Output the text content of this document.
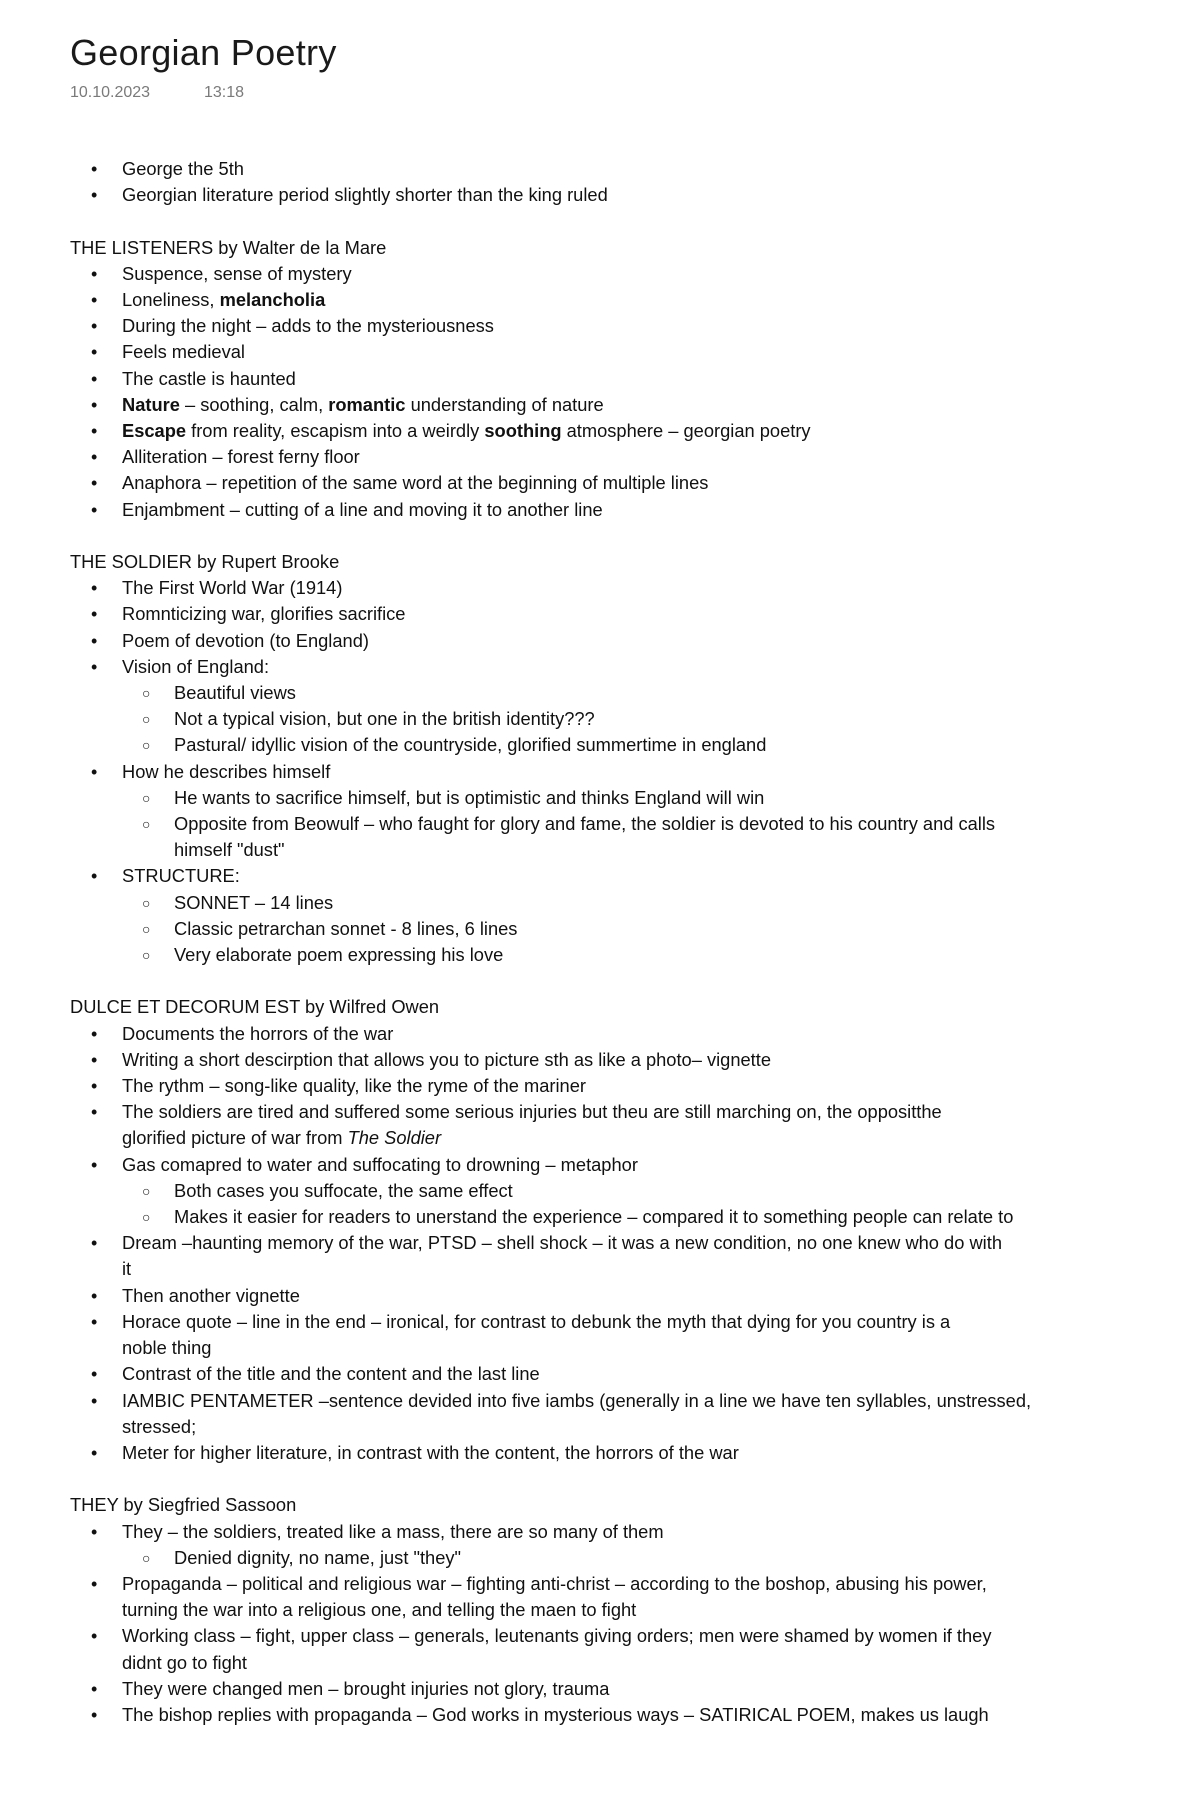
Georgian Poetry
10.10.2023	13:18
• George the 5th
• Georgian literature period slightly shorter than the king ruled
THE LISTENERS by Walter de la Mare
• Suspence, sense of mystery
• Loneliness, melancholia
• During the night – adds to the mysteriousness
• Feels medieval
• The castle is haunted
• Nature – soothing, calm, romantic understanding of nature
• Escape from reality, escapism into a weirdly soothing atmosphere – georgian poetry
• Alliteration – forest ferny floor
• Anaphora – repetition of the same word at the beginning of multiple lines
• Enjambment – cutting of a line and moving it to another line
THE SOLDIER by Rupert Brooke
• The First World War (1914)
• Romnticizing war, glorifies sacrifice
• Poem of devotion (to England)
• Vision of England:
○ Beautiful views
○ Not a typical vision, but one in the british identity???
○ Pastural/ idyllic vision of the countryside, glorified summertime in england
• How he describes himself
○ He wants to sacrifice himself, but is optimistic and thinks England will win
○ Opposite from Beowulf – who faught for glory and fame, the soldier is devoted to his country and calls himself "dust"
• STRUCTURE:
○ SONNET – 14 lines
○ Classic petrarchan sonnet - 8 lines, 6 lines
○ Very elaborate poem expressing his love
DULCE ET DECORUM EST by Wilfred Owen
• Documents the horrors of the war
• Writing a short descirption that allows you to picture sth as like a photo– vignette
• The rythm – song-like quality, like the ryme of the mariner
• The soldiers are tired and suffered some serious injuries but theu are still marching on, the oppositthe glorified picture of war from The Soldier
• Gas comapred to water and suffocating to drowning – metaphor
○ Both cases you suffocate, the same effect
○ Makes it easier for readers to unerstand the experience – compared it to something people can relate to
• Dream –haunting memory of the war, PTSD – shell shock – it was a new condition, no one knew who do with it
• Then another vignette
• Horace quote – line in the end – ironical, for contrast to debunk the myth that dying for you country is a noble thing
• Contrast of the title and the content and the last line
• IAMBIC PENTAMETER –sentence devided into five iambs (generally in a line we have ten syllables, unstressed, stressed;
• Meter for higher literature, in contrast with the content, the horrors of the war
THEY by Siegfried Sassoon
• They – the soldiers, treated like a mass, there are so many of them
○ Denied dignity, no name, just "they"
• Propaganda – political and religious war – fighting anti-christ – according to the boshop, abusing his power, turning the war into a religious one, and telling the maen to fight
• Working class – fight, upper class – generals, leutenants giving orders; men were shamed by women if they didnt go to fight
• They were changed men – brought injuries not glory, trauma
• The bishop replies with propaganda – God works in mysterious ways – SATIRICAL POEM, makes us laugh
